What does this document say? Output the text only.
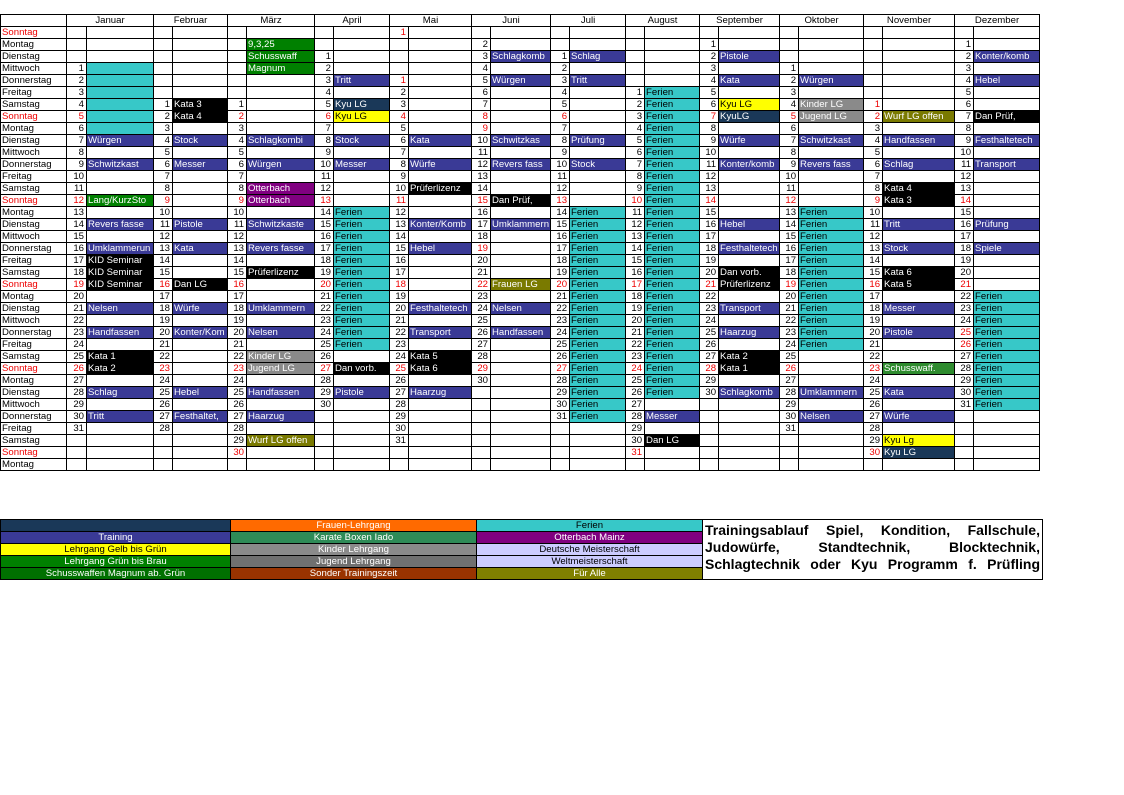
	Januar		Februar		März		April		Mai		Juni		Juli		August		September		Oktober		November		Dezember	
Sonntag									1															
Montag						9,3,25					2						1						1	
Dienstag						Schusswaff	1				3	Schlagkomb	1	Schlag			2	Pistole					2	Konter/komb
Mittwoch	1					Magnum	2				4		2				3		1				3	
Donnerstag	2						3	Tritt	1		5	Würgen	3	Tritt			4	Kata	2	Würgen			4	Hebel
Freitag	3						4		2		6		4		1	Ferien	5		3				5	
Samstag	4		1	Kata 3	1		5	Kyu LG	3		7		5		2	Ferien	6	Kyu LG	4	Kinder LG	1		6	
Sonntag	5		2	Kata 4	2		6	Kyu LG	4		8		6		3	Ferien	7	KyuLG	5	Jugend LG	2	Wurf LG offen	7	Dan Prüf,
Montag	6		3		3		7		5		9		7		4	Ferien	8		6		3		8	
Dienstag	7	Würgen	4	Stock	4	Schlagkombi	8	Stock	6	Kata	10	Schwitzkas	8	Prüfung	5	Ferien	9	Würfe	7	Schwitzkast	4	Handfassen	9	Festhaltetech
Mittwoch	8		5		5		9		7		11		9		6	Ferien	10		8		5		10	
Donnerstag	9	Schwitzkast	6	Messer	6	Würgen	10	Messer	8	Würfe	12	Revers fass	10	Stock	7	Ferien	11	Konter/komb	9	Revers fass	6	Schlag	11	Transport
Freitag	10		7		7		11		9		13		11		8	Ferien	12		10		7		12	
Samstag	11		8		8	Otterbach	12		10	Prüferlizenz	14		12		9	Ferien	13		11		8	Kata 4	13	
Sonntag	12	Lang/KurzSto	9		9	Otterbach	13		11		15	Dan Prüf,	13		10	Ferien	14		12		9	Kata 3	14	
Montag	13		10		10		14	Ferien	12		16		14	Ferien	11	Ferien	15		13	Ferien	10		15	
Dienstag	14	Revers fasse	11	Pistole	11	Schwitzkaste	15	Ferien	13	Konter/Komb	17	Umklammern	15	Ferien	12	Ferien	16	Hebel	14	Ferien	11	Tritt	16	Prüfung
Mittwoch	15		12		12		16	Ferien	14		18		16	Ferien	13	Ferien	17		15	Ferien	12		17	
Donnerstag	16	Umklammerun	13	Kata	13	Revers fasse	17	Ferien	15	Hebel	19		17	Ferien	14	Ferien	18	Festhaltetech	16	Ferien	13	Stock	18	Spiele
Freitag	17	KID Seminar	14		14		18	Ferien	16		20		18	Ferien	15	Ferien	19		17	Ferien	14		19	
Samstag	18	KID Seminar	15		15	Prüferlizenz	19	Ferien	17		21		19	Ferien	16	Ferien	20	Dan vorb.	18	Ferien	15	Kata 6	20	
Sonntag	19	KID Seminar	16	Dan LG	16		20	Ferien	18		22	Frauen LG	20	Ferien	17	Ferien	21	Prüferlizenz	19	Ferien	16	Kata 5	21	
Montag	20		17		17		21	Ferien	19		23		21	Ferien	18	Ferien	22		20	Ferien	17		22	Ferien
Dienstag	21	Nelsen	18	Würfe	18	Umklammern	22	Ferien	20	Festhaltetech	24	Nelsen	22	Ferien	19	Ferien	23	Transport	21	Ferien	18	Messer	23	Ferien
Mittwoch	22		19		19		23	Ferien	21		25		23	Ferien	20	Ferien	24		22	Ferien	19		24	Ferien
Donnerstag	23	Handfassen	20	Konter/Kom	20	Nelsen	24	Ferien	22	Transport	26	Handfassen	24	Ferien	21	Ferien	25	Haarzug	23	Ferien	20	Pistole	25	Ferien
Freitag	24		21		21		25	Ferien	23		27		25	Ferien	22	Ferien	26		24	Ferien	21		26	Ferien
Samstag	25	Kata 1	22		22	Kinder LG	26		24	Kata 5	28		26	Ferien	23	Ferien	27	Kata 2	25		22		27	Ferien
Sonntag	26	Kata 2	23		23	Jugend LG	27	Dan vorb.	25	Kata 6	29		27	Ferien	24	Ferien	28	Kata 1	26		23	Schusswaff.	28	Ferien
Montag	27		24		24		28		26		30		28	Ferien	25	Ferien	29		27		24		29	Ferien
Dienstag	28	Schlag	25	Hebel	25	Handfassen	29	Pistole	27	Haarzug			29	Ferien	26	Ferien	30	Schlagkomb	28	Umklammern	25	Kata	30	Ferien
Mittwoch	29		26		26		30		28				30	Ferien	27				29		26		31	Ferien
Donnerstag	30	Tritt	27	Festhaltet,	27	Haarzug			29				31	Ferien	28	Messer			30	Nelsen	27	Würfe		
Freitag	31		28		28				30						29				31		28			
Samstag					29	Wurf LG offen			31						30	Dan LG					29	Kyu Lg		
Sonntag					30										31						30	Kyu LG		
Montag																								
	Frauen-Lehrgang	Ferien	Trainingsablauf Spiel, Kondition, Fallschule, Judowürfe, Standtechnik, Blocktechnik, Schlagtechnik oder Kyu Programm f. Prüfling
Training	Karate Boxen Iado	Otterbach Mainz	
Lehrgang Gelb bis Grün	Kinder Lehrgang	Deutsche Meisterschaft	
Lehrgang Grün bis Brau	Jugend Lehrgang	Weltmeisterschaft	
Schusswaffen Magnum ab. Grün	Sonder Trainingszeit	Für Alle	
